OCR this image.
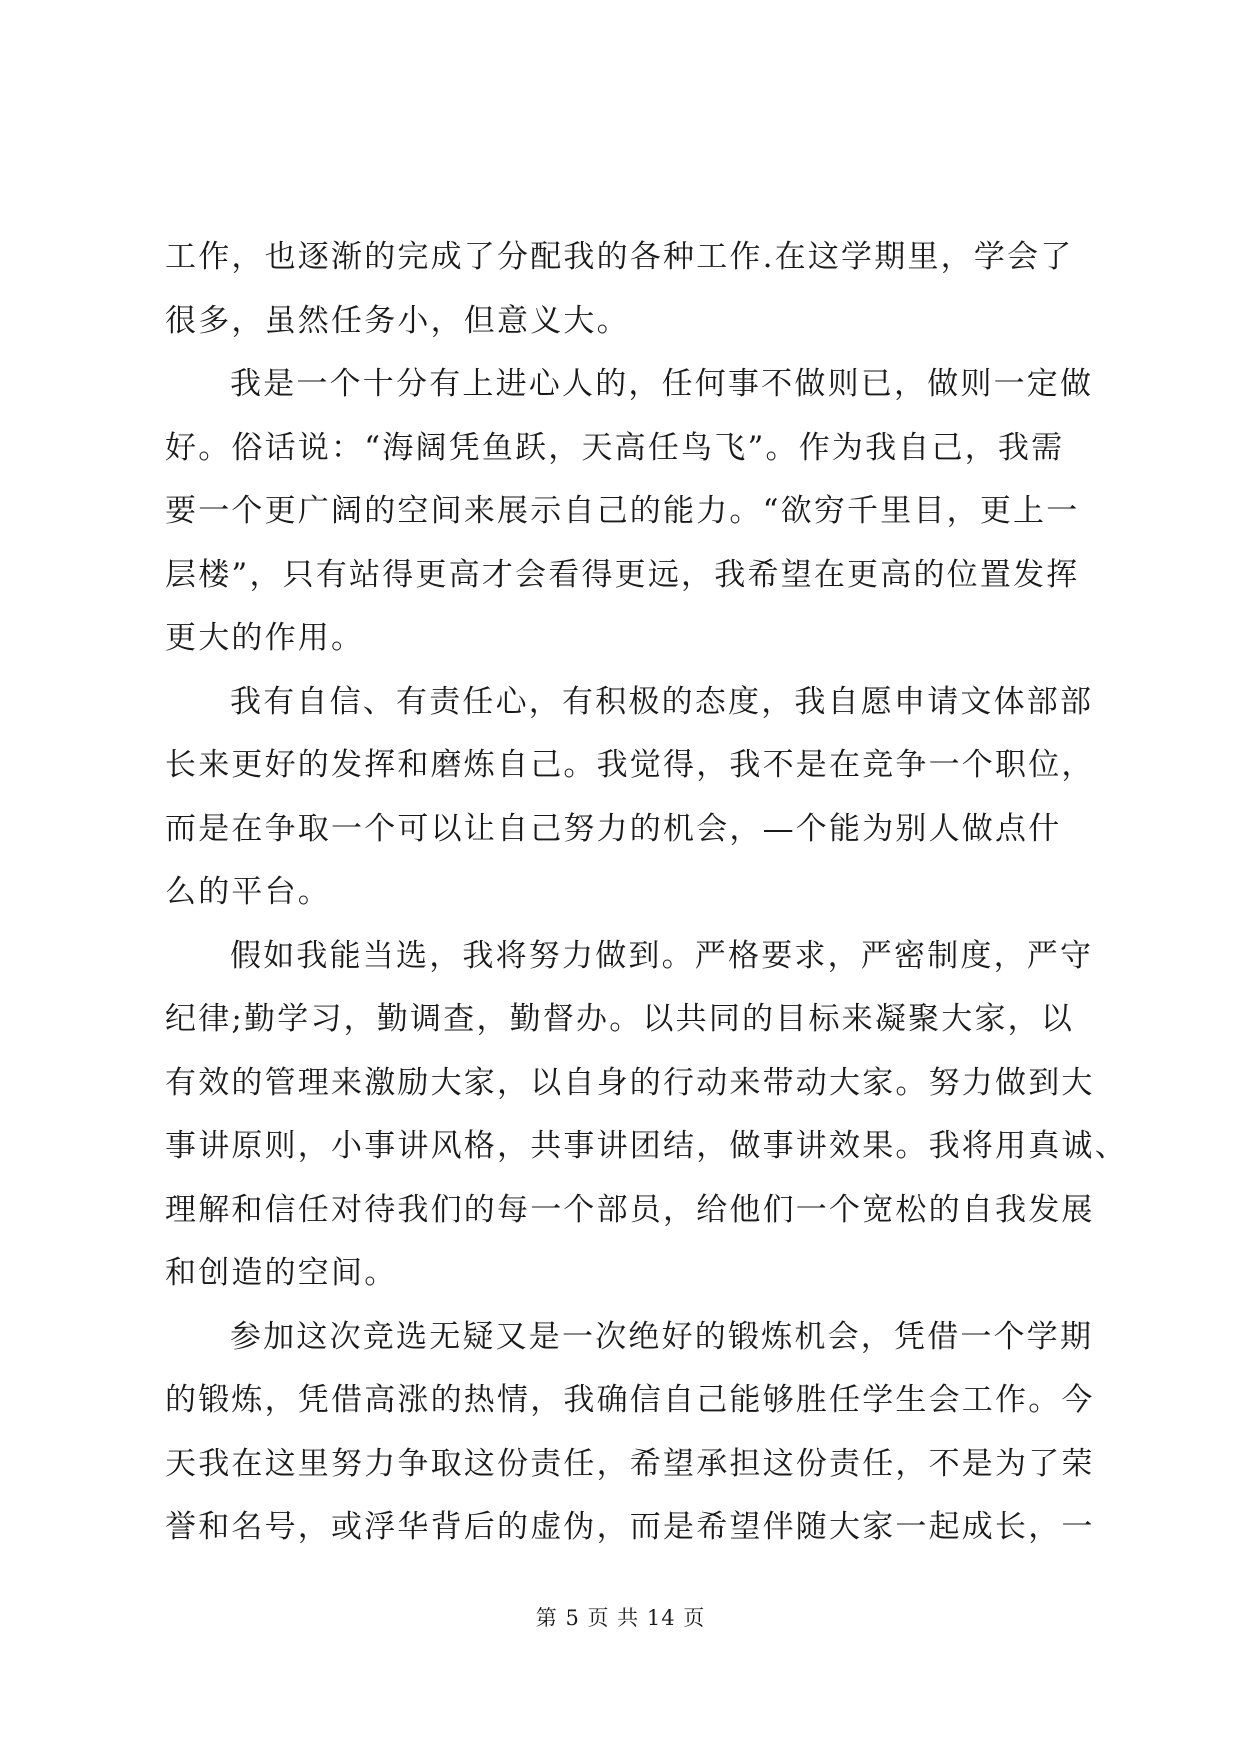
工作，也逐渐的完成了分配我的各种工作.在这学期里，学会了

很多，虽然任务小，但意义大。

我是一个十分有上进心人的，任何事不做则已，做则一定做

好。俗话说：“海阔凭鱼跃，天高任鸟飞”。作为我自己，我需

要一个更广阔的空间来展示自己的能力。“欲穷千里目，更上一

层楼”，只有站得更高才会看得更远，我希望在更高的位置发挥

更大的作用。

我有自信、有责任心，有积极的态度，我自愿申请文体部部

长来更好的发挥和磨炼自己。我觉得，我不是在竞争一个职位，

而是在争取一个可以让自己努力的机会，—个能为别人做点什

么的平台。

假如我能当选，我将努力做到。严格要求，严密制度，严守

纪律;勤学习，勤调查，勤督办。以共同的目标来凝聚大家，以

有效的管理来激励大家，以自身的行动来带动大家。努力做到大

事讲原则，小事讲风格，共事讲团结，做事讲效果。我将用真诚、

理解和信任对待我们的每一个部员，给他们一个宽松的自我发展

和创造的空间。

参加这次竞选无疑又是一次绝好的锻炼机会，凭借一个学期

的锻炼，凭借高涨的热情，我确信自己能够胜任学生会工作。今

天我在这里努力争取这份责任，希望承担这份责任，不是为了荣

誉和名号，或浮华背后的虚伪，而是希望伴随大家一起成长，一

第 5 页 共 14 页
